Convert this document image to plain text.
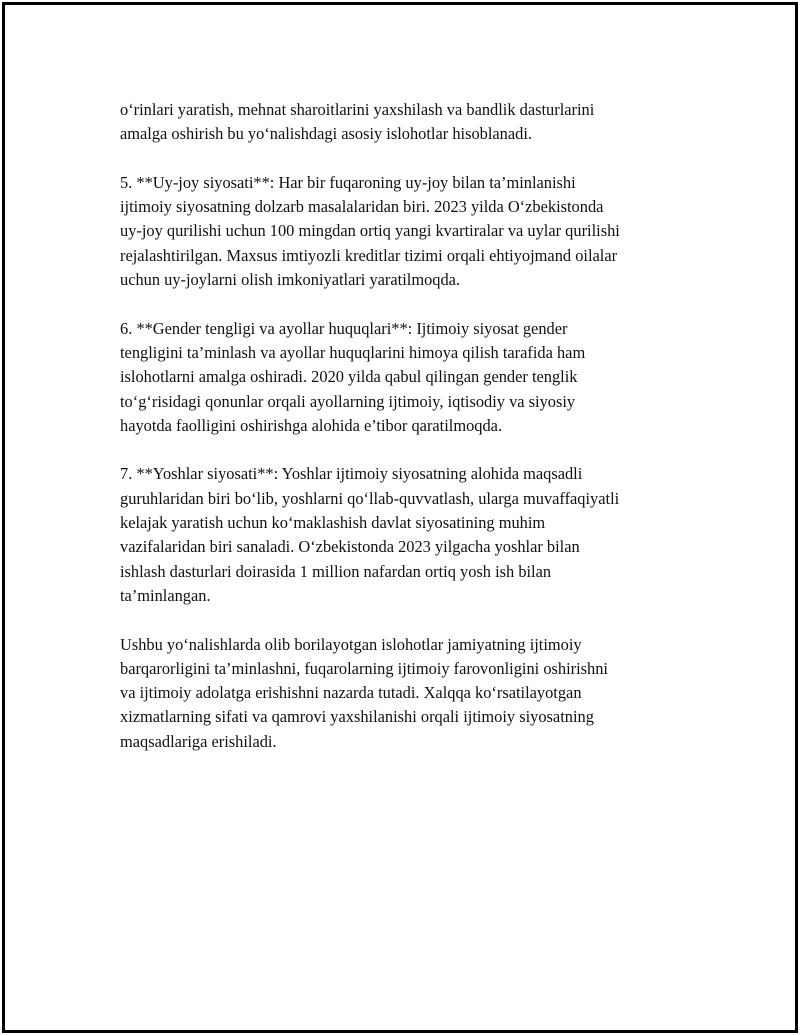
o‘rinlari yaratish, mehnat sharoitlarini yaxshilash va bandlik dasturlarini
amalga oshirish bu yo‘nalishdagi asosiy islohotlar hisoblanadi.

5. **Uy-joy siyosati**: Har bir fuqaroning uy-joy bilan ta’minlanishi
ijtimoiy siyosatning dolzarb masalalaridan biri. 2023 yilda O‘zbekistonda
uy-joy qurilishi uchun 100 mingdan ortiq yangi kvartiralar va uylar qurilishi
rejalashtirilgan. Maxsus imtiyozli kreditlar tizimi orqali ehtiyojmand oilalar
uchun uy-joylarni olish imkoniyatlari yaratilmoqda.

6. **Gender tengligi va ayollar huquqlari**: Ijtimoiy siyosat gender
tengligini ta’minlash va ayollar huquqlarini himoya qilish tarafida ham
islohotlarni amalga oshiradi. 2020 yilda qabul qilingan gender tenglik
to‘g‘risidagi qonunlar orqali ayollarning ijtimoiy, iqtisodiy va siyosiy
hayotda faolligini oshirishga alohida e’tibor qaratilmoqda.

7. **Yoshlar siyosati**: Yoshlar ijtimoiy siyosatning alohida maqsadli
guruhlaridan biri bo‘lib, yoshlarni qo‘llab-quvvatlash, ularga muvaffaqiyatli
kelajak yaratish uchun ko‘maklashish davlat siyosatining muhim
vazifalaridan biri sanaladi. O‘zbekistonda 2023 yilgacha yoshlar bilan
ishlash dasturlari doirasida 1 million nafardan ortiq yosh ish bilan
ta’minlangan.

Ushbu yo‘nalishlarda olib borilayotgan islohotlar jamiyatning ijtimoiy
barqarorligini ta’minlashni, fuqarolarning ijtimoiy farovonligini oshirishni
va ijtimoiy adolatga erishishni nazarda tutadi. Xalqqa ko‘rsatilayotgan
xizmatlarning sifati va qamrovi yaxshilanishi orqali ijtimoiy siyosatning
maqsadlariga erishiladi.
